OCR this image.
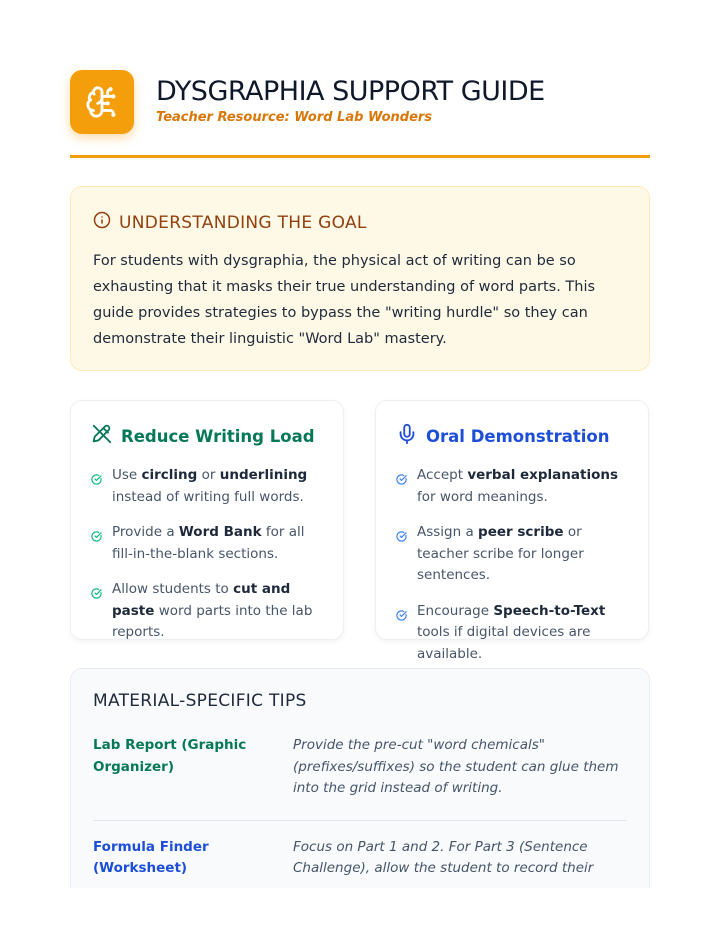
DYSGRAPHIA SUPPORT GUIDE
Teacher Resource: Word Lab Wonders
UNDERSTANDING THE GOAL

For students with dysgraphia, the physical act of writing can be so exhausting that it masks their true understanding of word parts. This guide provides strategies to bypass the "writing hurdle" so they can demonstrate their linguistic "Word Lab" mastery.

Reduce Writing Load
Use circling or underlining instead of writing full words.
Provide a Word Bank for all fill-in-the-blank sections.
Allow students to cut and paste word parts into the lab reports.
Oral Demonstration
Accept verbal explanations for word meanings.
Assign a peer scribe or teacher scribe for longer sentences.
Encourage Speech-to-Text tools if digital devices are available.
MATERIAL-SPECIFIC TIPS
Lab Report (Graphic Organizer)
Provide the pre-cut "word chemicals" (prefixes/suffixes) so the student can glue them into the grid instead of writing.
Formula Finder (Worksheet)
Focus on Part 1 and 2. For Part 3 (Sentence Challenge), allow the student to record their
